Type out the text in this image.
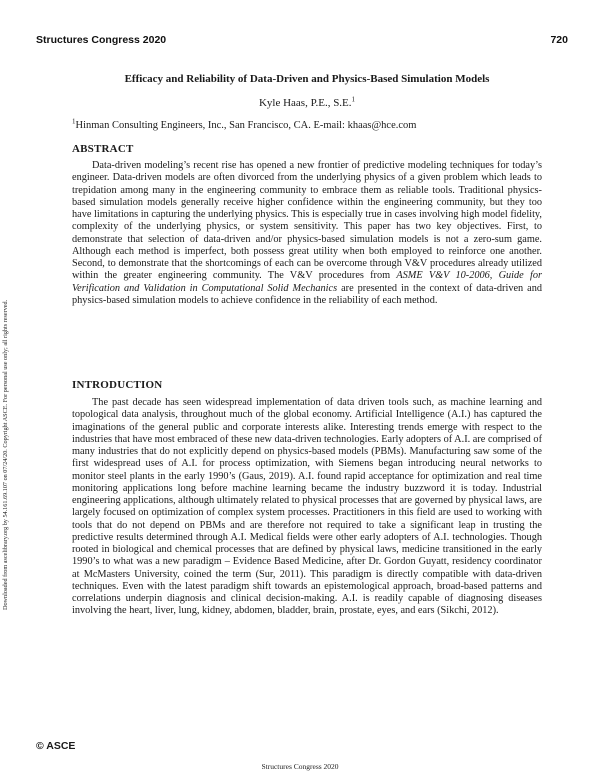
Structures Congress 2020	720
Downloaded from ascelibrary.org by 54.161.69.107 on 07/24/20. Copyright ASCE. For personal use only; all rights reserved.
Efficacy and Reliability of Data-Driven and Physics-Based Simulation Models
Kyle Haas, P.E., S.E.$^1$
$^1$Hinman Consulting Engineers, Inc., San Francisco, CA. E-mail: khaas@hce.com
ABSTRACT

Data-driven modeling’s recent rise has opened a new frontier of predictive modeling techniques for today’s engineer. Data-driven models are often divorced from the underlying physics of a given problem which leads to trepidation among many in the engineering community to embrace them as reliable tools. Traditional physics-based simulation models generally receive higher confidence within the engineering community, but they too have limitations in capturing the underlying physics. This is especially true in cases involving high model fidelity, complexity of the underlying physics, or system sensitivity. This paper has two key objectives. First, to demonstrate that selection of data-driven and/or physics-based simulation models is not a zero-sum game. Although each method is imperfect, both possess great utility when both employed to reinforce one another. Second, to demonstrate that the shortcomings of each can be overcome through V&V procedures already utilized within the greater engineering community. The V&V procedures from ASME V&V 10-2006, Guide for Verification and Validation in Computational Solid Mechanics are presented in the context of data-driven and physics-based simulation models to achieve confidence in the reliability of each method.

INTRODUCTION

The past decade has seen widespread implementation of data driven tools such, as machine learning and topological data analysis, throughout much of the global economy. Artificial Intelligence (A.I.) has captured the imaginations of the general public and corporate interests alike. Interesting trends emerge with respect to the industries that have most embraced of these new data-driven technologies. Early adopters of A.I. are comprised of many industries that do not explicitly depend on physics-based models (PBMs). Manufacturing saw some of the first widespread uses of A.I. for process optimization, with Siemens began introducing neural networks to monitor steel plants in the early 1990’s (Gaus, 2019). A.I. found rapid acceptance for optimization and real time monitoring applications long before machine learning became the industry buzzword it is today. Industrial engineering applications, although ultimately related to physical processes that are governed by physical laws, are largely focused on optimization of complex system processes. Practitioners in this field are used to working with tools that do not depend on PBMs and are therefore not required to take a significant leap in trusting the predictive results determined through A.I. Medical fields were other early adopters of A.I. technologies. Though rooted in biological and chemical processes that are defined by physical laws, medicine transitioned in the early 1990’s to what was a new paradigm – Evidence Based Medicine, after Dr. Gordon Guyatt, residency coordinator at McMasters University, coined the term (Sur, 2011). This paradigm is directly compatible with data-driven techniques. Even with the latest paradigm shift towards an epistemological approach, broad-based patterns and correlations underpin diagnosis and clinical decision-making. A.I. is readily capable of diagnosing diseases involving the heart, liver, lung, kidney, abdomen, bladder, brain, prostate, eyes, and ears (Sikchi, 2012).

© ASCE
Structures Congress 2020
